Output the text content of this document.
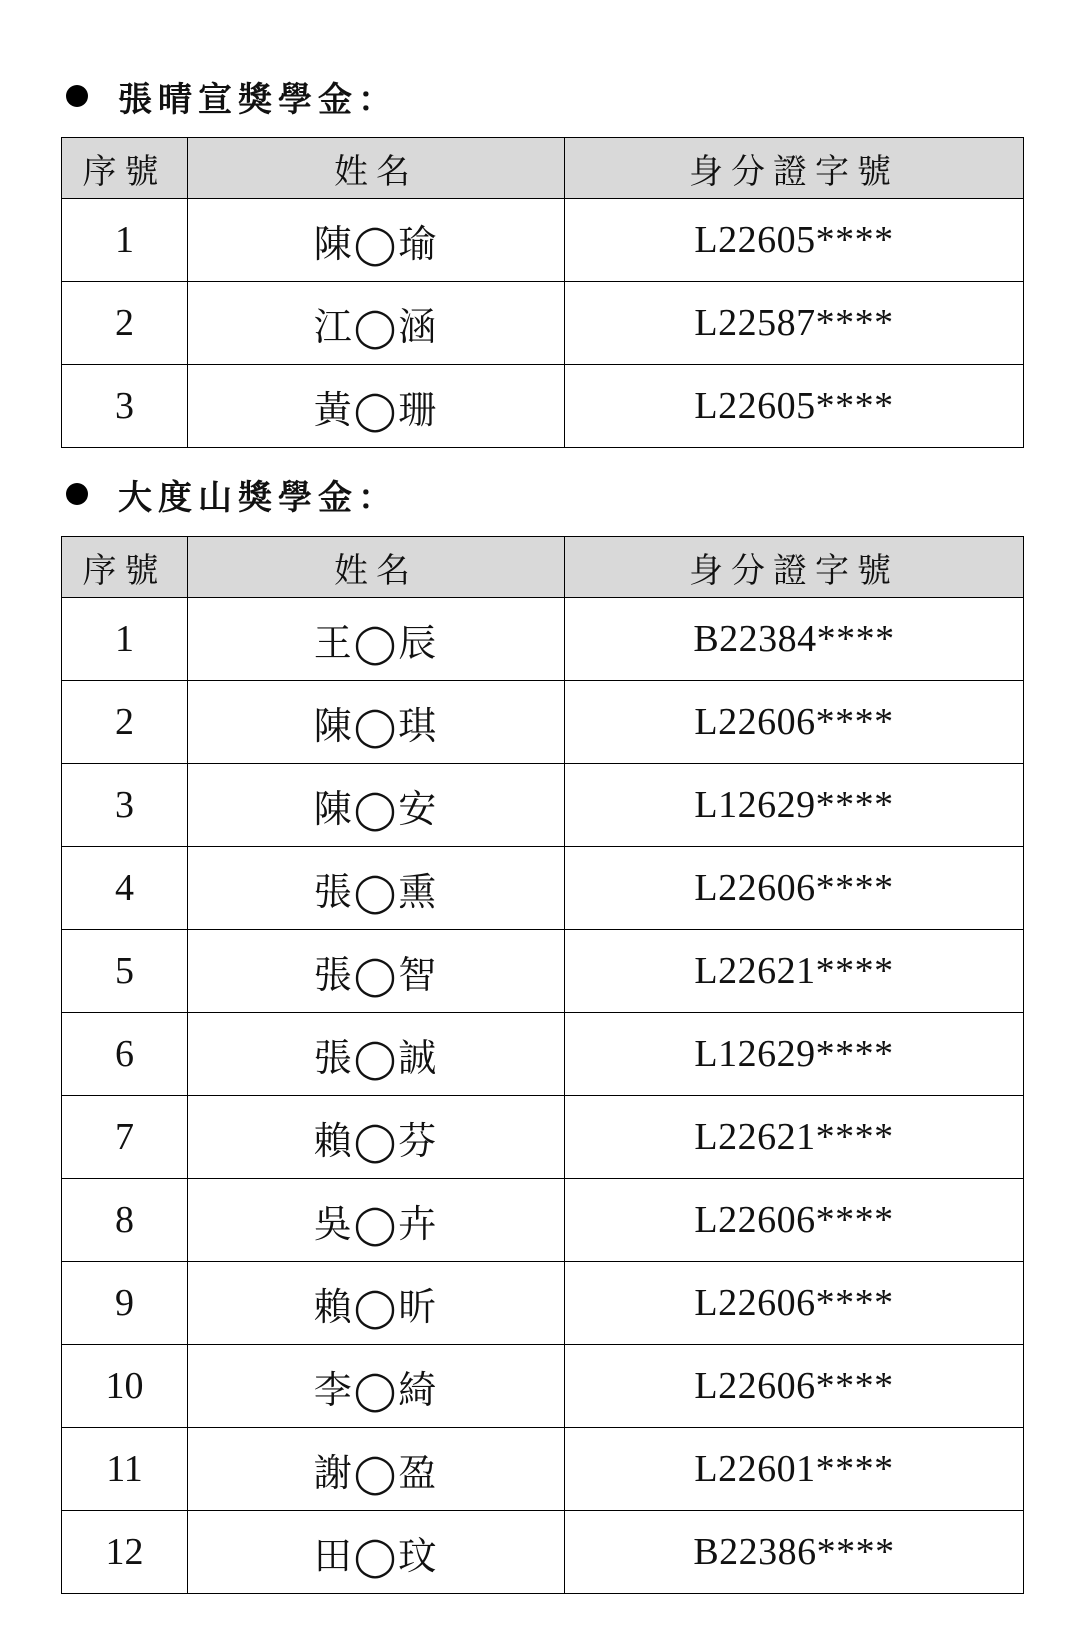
張晴宣獎學金：
序號	姓名	身分證字號
1	陳◯瑜	L22605****
2	江◯涵	L22587****
3	黃◯珊	L22605****
大度山獎學金：
序號	姓名	身分證字號
1	王◯辰	B22384****
2	陳◯琪	L22606****
3	陳◯安	L12629****
4	張◯熏	L22606****
5	張◯智	L22621****
6	張◯誠	L12629****
7	賴◯芬	L22621****
8	吳◯卉	L22606****
9	賴◯昕	L22606****
10	李◯綺	L22606****
11	謝◯盈	L22601****
12	田◯玟	B22386****
